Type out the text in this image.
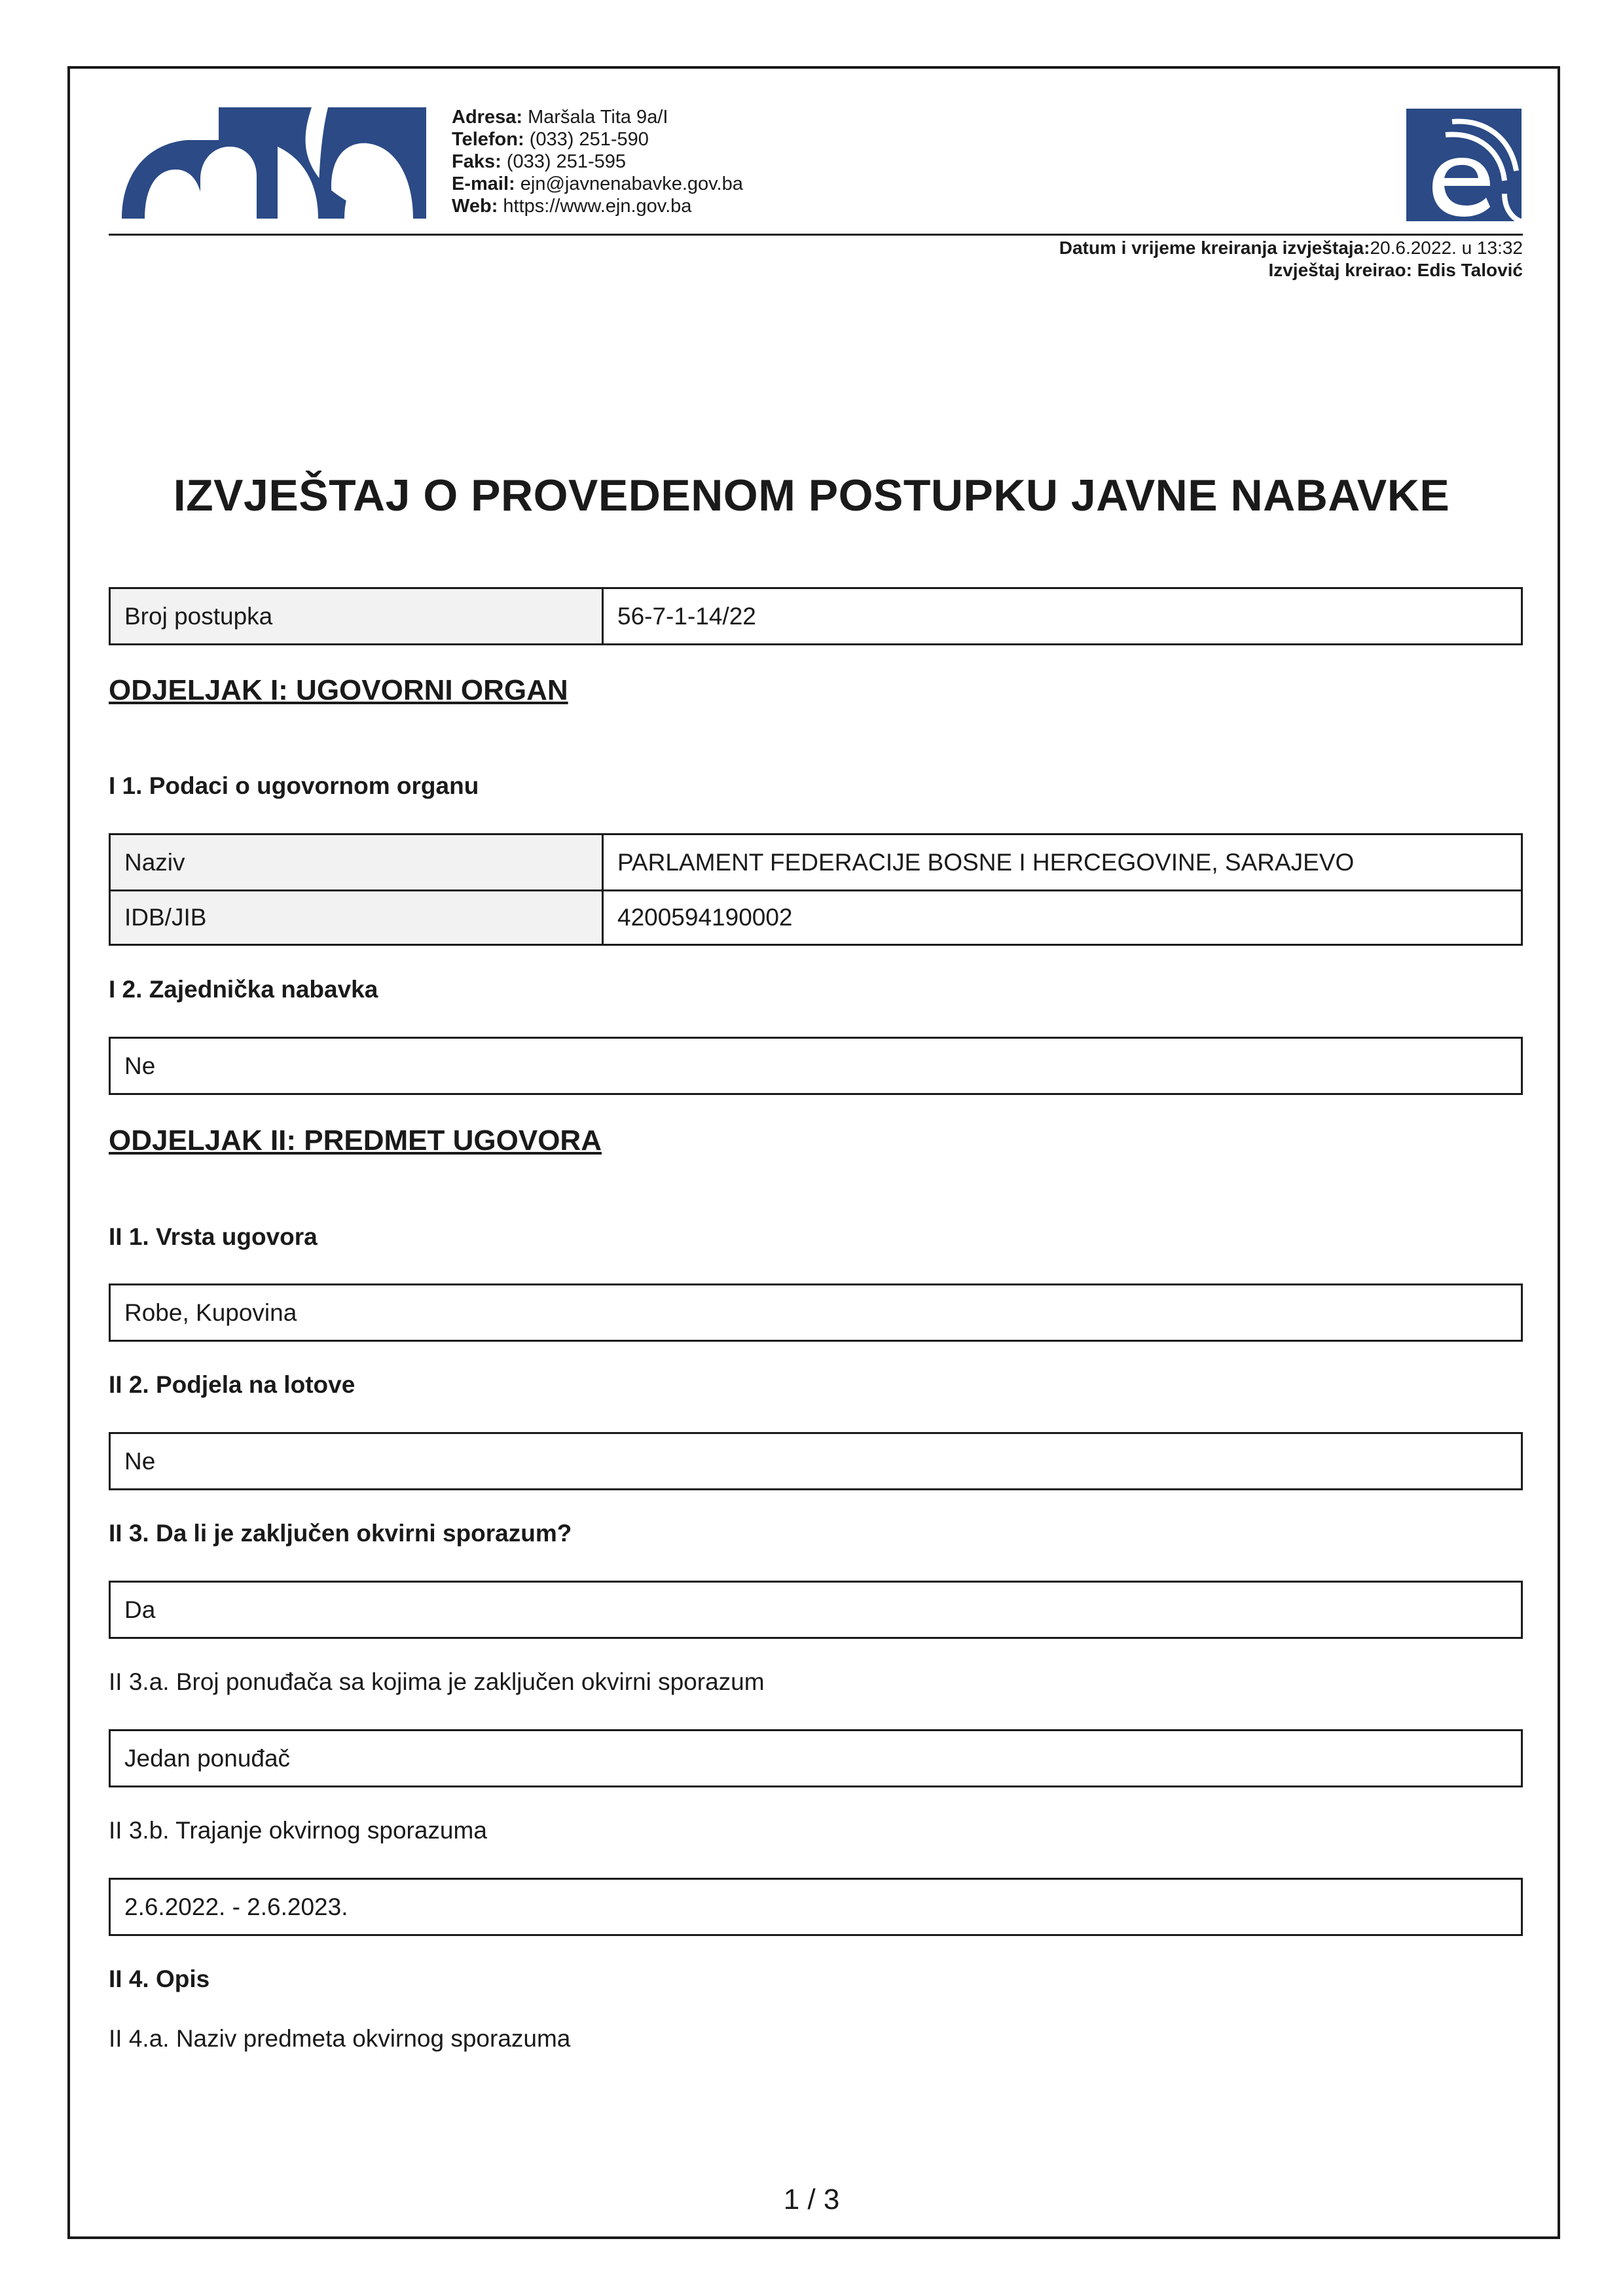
Adresa: Maršala Tita 9a/I
Telefon: (033) 251-590
Faks: (033) 251-595
E-mail: ejn@javnenabavke.gov.ba
Web: https://www.ejn.gov.ba
Datum i vrijeme kreiranja izvještaja:20.6.2022. u 13:32
Izvještaj kreirao: Edis Talović
IZVJEŠTAJ O PROVEDENOM POSTUPKU JAVNE NABAVKE
Broj postupka	56-7-1-14/22
ODJELJAK I: UGOVORNI ORGAN
I 1. Podaci o ugovornom organu
Naziv	PARLAMENT FEDERACIJE BOSNE I HERCEGOVINE, SARAJEVO
IDB/JIB	4200594190002
I 2. Zajednička nabavka
Ne
ODJELJAK II: PREDMET UGOVORA
II 1. Vrsta ugovora
Robe, Kupovina
II 2. Podjela na lotove
Ne
II 3. Da li je zaključen okvirni sporazum?
Da
II 3.a. Broj ponuđača sa kojima je zaključen okvirni sporazum
Jedan ponuđač
II 3.b. Trajanje okvirnog sporazuma
2.6.2022. - 2.6.2023.
II 4. Opis
II 4.a. Naziv predmeta okvirnog sporazuma
1 / 3
